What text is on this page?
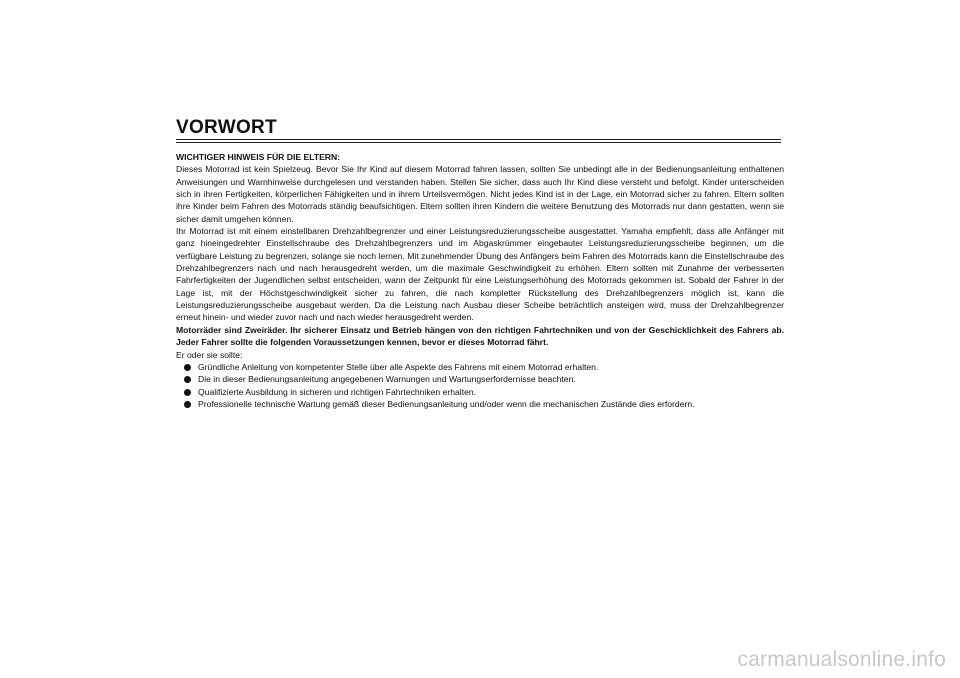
VORWORT

WICHTIGER HINWEIS FÜR DIE ELTERN:

Dieses Motorrad ist kein Spielzeug. Bevor Sie Ihr Kind auf diesem Motorrad fahren lassen, sollten Sie unbedingt alle in der Bedienungsanleitung enthaltenen Anweisungen und Warnhinweise durchgelesen und verstanden haben. Stellen Sie sicher, dass auch Ihr Kind diese versteht und befolgt. Kinder unterscheiden sich in ihren Fertigkeiten, körperlichen Fähigkeiten und in ihrem Urteilsvermögen. Nicht jedes Kind ist in der Lage, ein Motorrad sicher zu fahren. Eltern sollten ihre Kinder beim Fahren des Motorrads ständig beaufsichtigen. Eltern sollten ihren Kindern die weitere Benutzung des Motorrads nur dann gestatten, wenn sie sicher damit umgehen können.

Ihr Motorrad ist mit einem einstellbaren Drehzahlbegrenzer und einer Leistungsreduzierungsscheibe ausgestattet. Yamaha empfiehlt, dass alle Anfänger mit ganz hineingedrehter Einstellschraube des Drehzahlbegrenzers und im Abgaskrümmer eingebauter Leistungsreduzierungsscheibe beginnen, um die verfügbare Leistung zu begrenzen, solange sie noch lernen. Mit zunehmender Übung des Anfängers beim Fahren des Motorrads kann die Einstellschraube des Drehzahlbegrenzers nach und nach herausgedreht werden, um die maximale Geschwindigkeit zu erhöhen. Eltern sollten mit Zunahme der verbesserten Fahrfertigkeiten der Jugendlichen selbst entscheiden, wann der Zeitpunkt für eine Leistungserhöhung des Motorrads gekommen ist. Sobald der Fahrer in der Lage ist, mit der Höchstgeschwindigkeit sicher zu fahren, die nach kompletter Rückstellung des Drehzahlbegrenzers möglich ist, kann die Leistungsreduzierungsscheibe ausgebaut werden. Da die Leistung nach Ausbau dieser Scheibe beträchtlich ansteigen wird, muss der Drehzahlbegrenzer erneut hinein- und wieder zuvor nach und nach wieder herausgedreht werden.

Motorräder sind Zweiräder. Ihr sicherer Einsatz und Betrieb hängen von den richtigen Fahrtechniken und von der Geschicklichkeit des Fahrers ab. Jeder Fahrer sollte die folgenden Voraussetzungen kennen, bevor er dieses Motorrad fährt.

Er oder sie sollte:

Gründliche Anleitung von kompetenter Stelle über alle Aspekte des Fahrens mit einem Motorrad erhalten.
Die in dieser Bedienungsanleitung angegebenen Warnungen und Wartungserfordernisse beachten.
Qualifizierte Ausbildung in sicheren und richtigen Fahrtechniken erhalten.
Professionelle technische Wartung gemäß dieser Bedienungsanleitung und/oder wenn die mechanischen Zustände dies erfordern.
carmanualsonline.info
